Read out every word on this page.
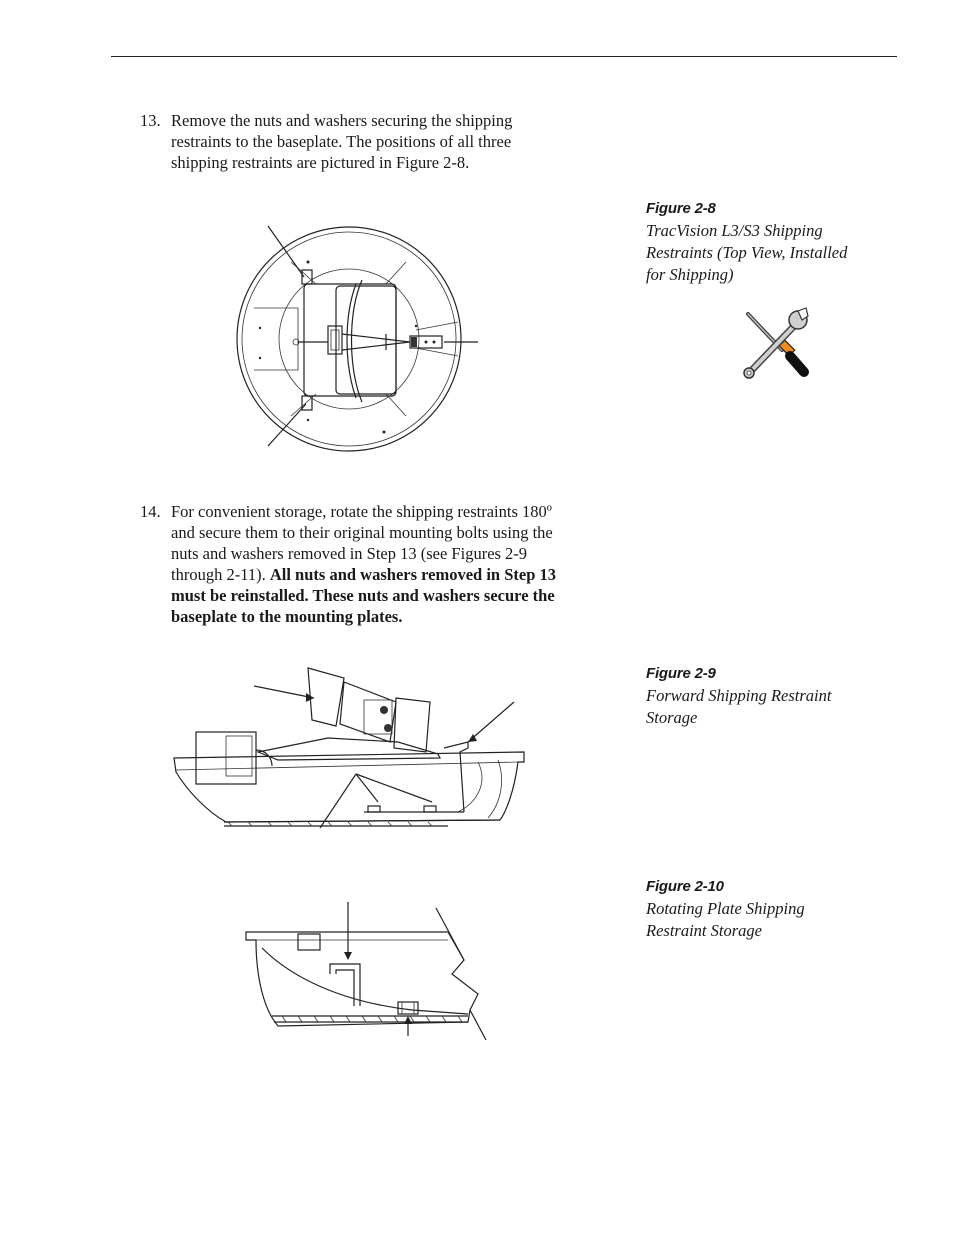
13. Remove the nuts and washers securing the shipping restraints to the baseplate. The positions of all three shipping restraints are pictured in Figure 2-8.
Figure 2-8
TracVision L3/S3 Shipping Restraints (Top View, Installed for Shipping)
14. For convenient storage, rotate the shipping restraints 180º and secure them to their original mounting bolts using the nuts and washers removed in Step 13 (see Figures 2-9 through 2-11). All nuts and washers removed in Step 13 must be reinstalled. These nuts and washers secure the baseplate to the mounting plates.
Figure 2-9
Forward Shipping Restraint Storage
Figure 2-10
Rotating Plate Shipping Restraint Storage
